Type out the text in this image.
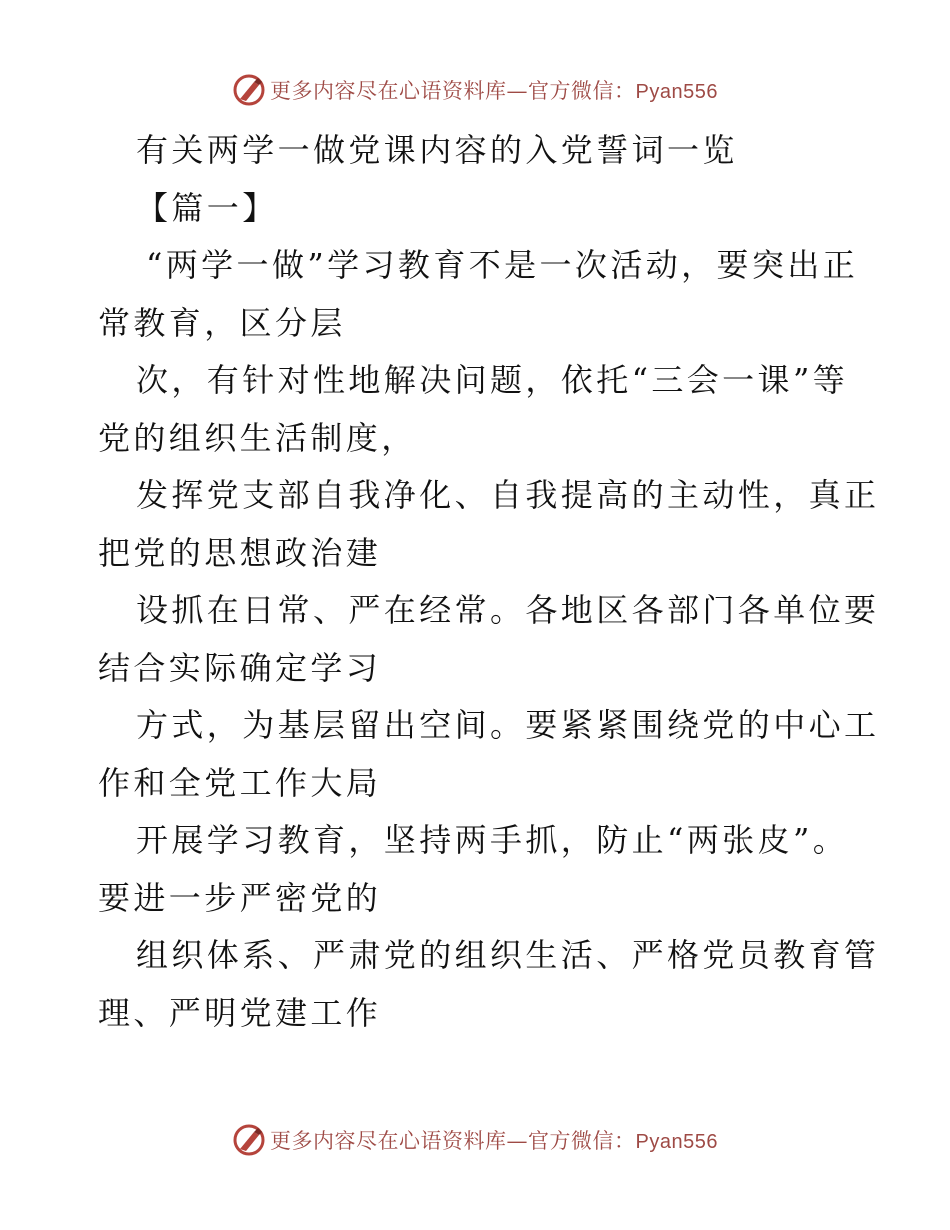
更多内容尽在心语资料库—官方微信：Pyan556
有关两学一做党课内容的入党誓词一览
【篇一】
“两学一做”学习教育不是一次活动，要突出正
常教育，区分层
次，有针对性地解决问题，依托“三会一课”等
党的组织生活制度，
发挥党支部自我净化、自我提高的主动性，真正
把党的思想政治建
设抓在日常、严在经常。各地区各部门各单位要
结合实际确定学习
方式，为基层留出空间。要紧紧围绕党的中心工
作和全党工作大局
开展学习教育，坚持两手抓，防止“两张皮”。
要进一步严密党的
组织体系、严肃党的组织生活、严格党员教育管
理、严明党建工作
更多内容尽在心语资料库—官方微信：Pyan556
